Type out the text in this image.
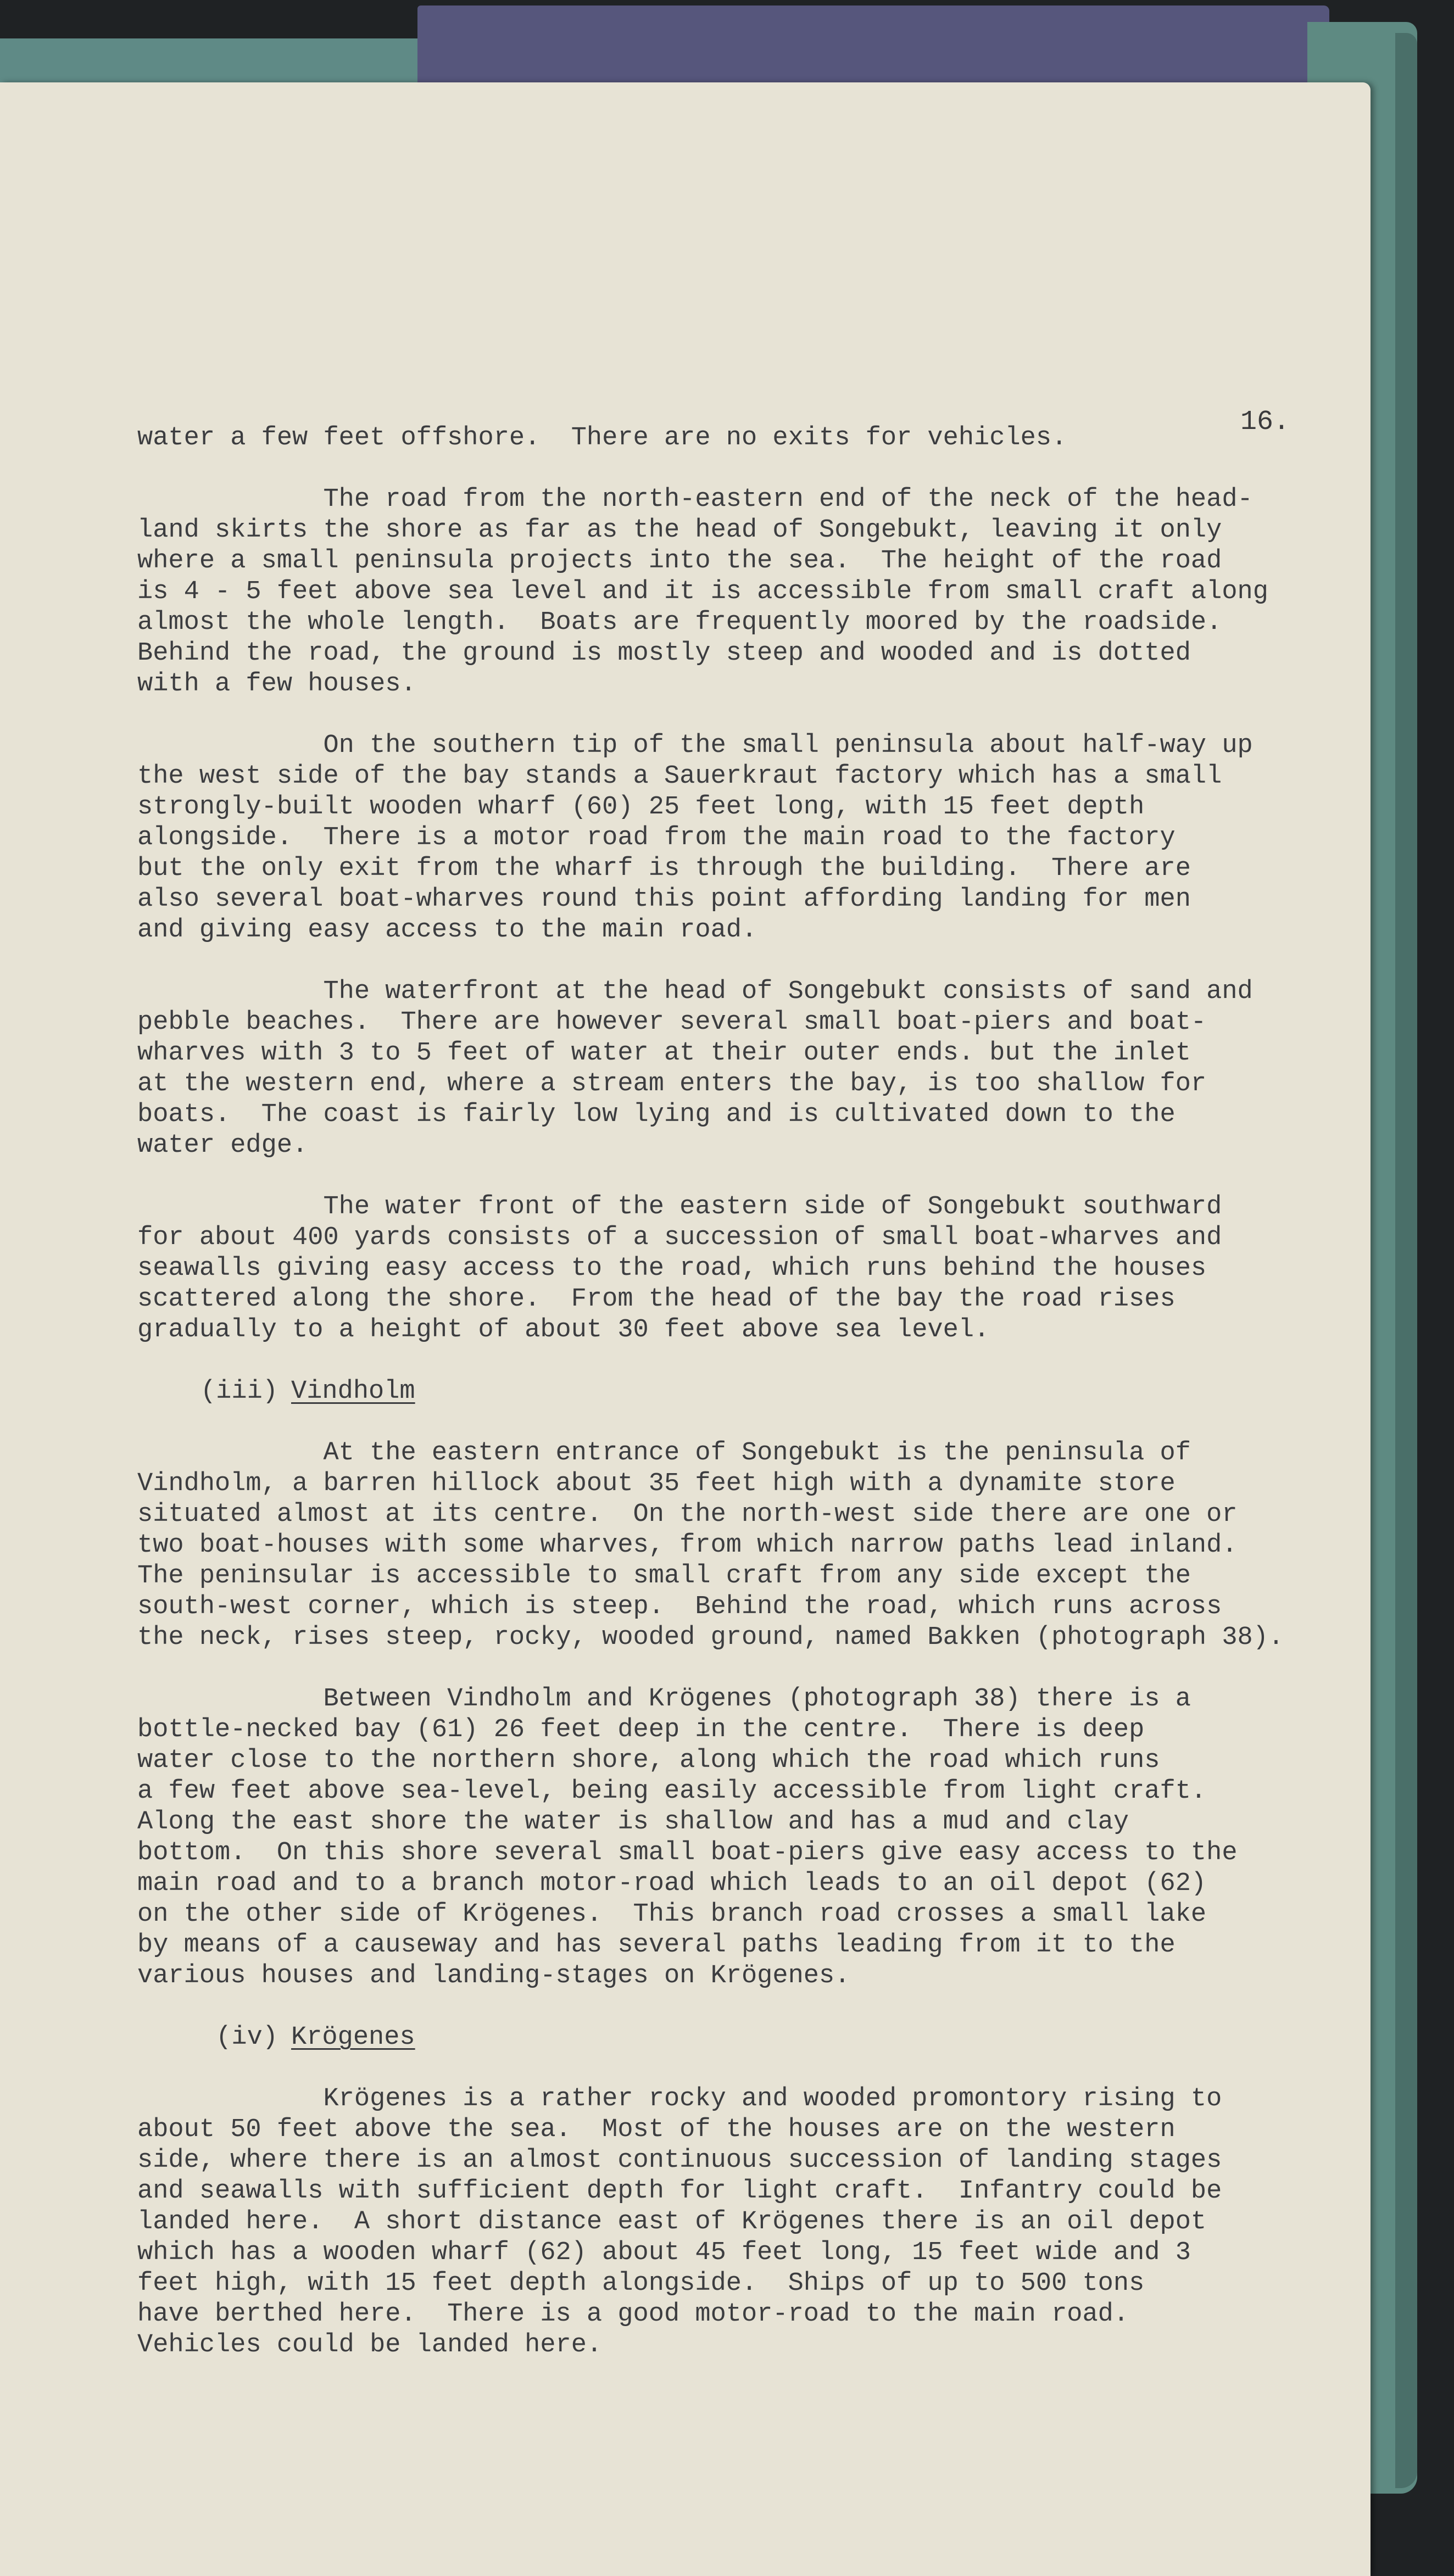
16.

water a few feet offshore.  There are no exits for vehicles.

The road from the north-eastern end of the neck of the head-
land skirts the shore as far as the head of Songebukt, leaving it only
where a small peninsula projects into the sea.  The height of the road
is 4 - 5 feet above sea level and it is accessible from small craft along
almost the whole length.  Boats are frequently moored by the roadside.
Behind the road, the ground is mostly steep and wooded and is dotted
with a few houses.

On the southern tip of the small peninsula about half-way up
the west side of the bay stands a Sauerkraut factory which has a small
strongly-built wooden wharf (60) 25 feet long, with 15 feet depth
alongside.  There is a motor road from the main road to the factory
but the only exit from the wharf is through the building.  There are
also several boat-wharves round this point affording landing for men
and giving easy access to the main road.

The waterfront at the head of Songebukt consists of sand and
pebble beaches.  There are however several small boat-piers and boat-
wharves with 3 to 5 feet of water at their outer ends. but the inlet
at the western end, where a stream enters the bay, is too shallow for
boats.  The coast is fairly low lying and is cultivated down to the
water edge.

The water front of the eastern side of Songebukt southward
for about 400 yards consists of a succession of small boat-wharves and
seawalls giving easy access to the road, which runs behind the houses
scattered along the shore.  From the head of the bay the road rises
gradually to a height of about 30 feet above sea level.

(iii) Vindholm

At the eastern entrance of Songebukt is the peninsula of
Vindholm, a barren hillock about 35 feet high with a dynamite store
situated almost at its centre.  On the north-west side there are one or
two boat-houses with some wharves, from which narrow paths lead inland.
The peninsular is accessible to small craft from any side except the
south-west corner, which is steep.  Behind the road, which runs across
the neck, rises steep, rocky, wooded ground, named Bakken (photograph 38).

Between Vindholm and Krögenes (photograph 38) there is a
bottle-necked bay (61) 26 feet deep in the centre.  There is deep
water close to the northern shore, along which the road which runs
a few feet above sea-level, being easily accessible from light craft.
Along the east shore the water is shallow and has a mud and clay
bottom.  On this shore several small boat-piers give easy access to the
main road and to a branch motor-road which leads to an oil depot (62)
on the other side of Krögenes.  This branch road crosses a small lake
by means of a causeway and has several paths leading from it to the
various houses and landing-stages on Krögenes.

(iv) Krögenes

Krögenes is a rather rocky and wooded promontory rising to
about 50 feet above the sea.  Most of the houses are on the western
side, where there is an almost continuous succession of landing stages
and seawalls with sufficient depth for light craft.  Infantry could be
landed here.  A short distance east of Krögenes there is an oil depot
which has a wooden wharf (62) about 45 feet long, 15 feet wide and 3
feet high, with 15 feet depth alongside.  Ships of up to 500 tons
have berthed here.  There is a good motor-road to the main road.
Vehicles could be landed here.
